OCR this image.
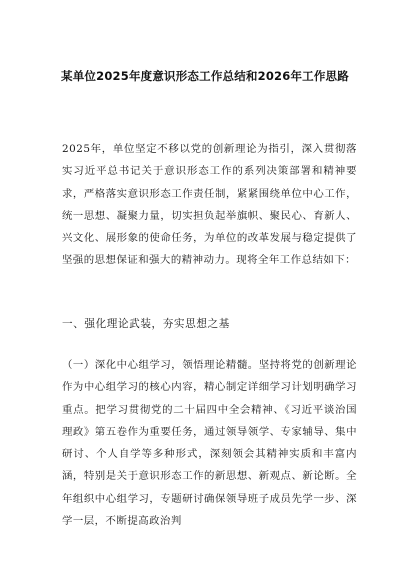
某单位2025年度意识形态工作总结和2026年工作思路
2025年，单位坚定不移以党的创新理论为指引，深入贯彻落实习近平总书记关于意识形态工作的系列决策部署和精神要求，严格落实意识形态工作责任制，紧紧围绕单位中心工作，统一思想、凝聚力量，切实担负起举旗帜、聚民心、育新人、兴文化、展形象的使命任务，为单位的改革发展与稳定提供了坚强的思想保证和强大的精神动力。现将全年工作总结如下：
一、强化理论武装，夯实思想之基
（一）深化中心组学习，领悟理论精髓。坚持将党的创新理论作为中心组学习的核心内容，精心制定详细学习计划明确学习重点。把学习贯彻党的二十届四中全会精神、《习近平谈治国理政》第五卷作为重要任务，通过领导领学、专家辅导、集中研讨、个人自学等多种形式，深刻领会其精神实质和丰富内涵，特别是关于意识形态工作的新思想、新观点、新论断。全年组织中心组学习，专题研讨确保领导班子成员先学一步、深学一层，不断提高政治判
